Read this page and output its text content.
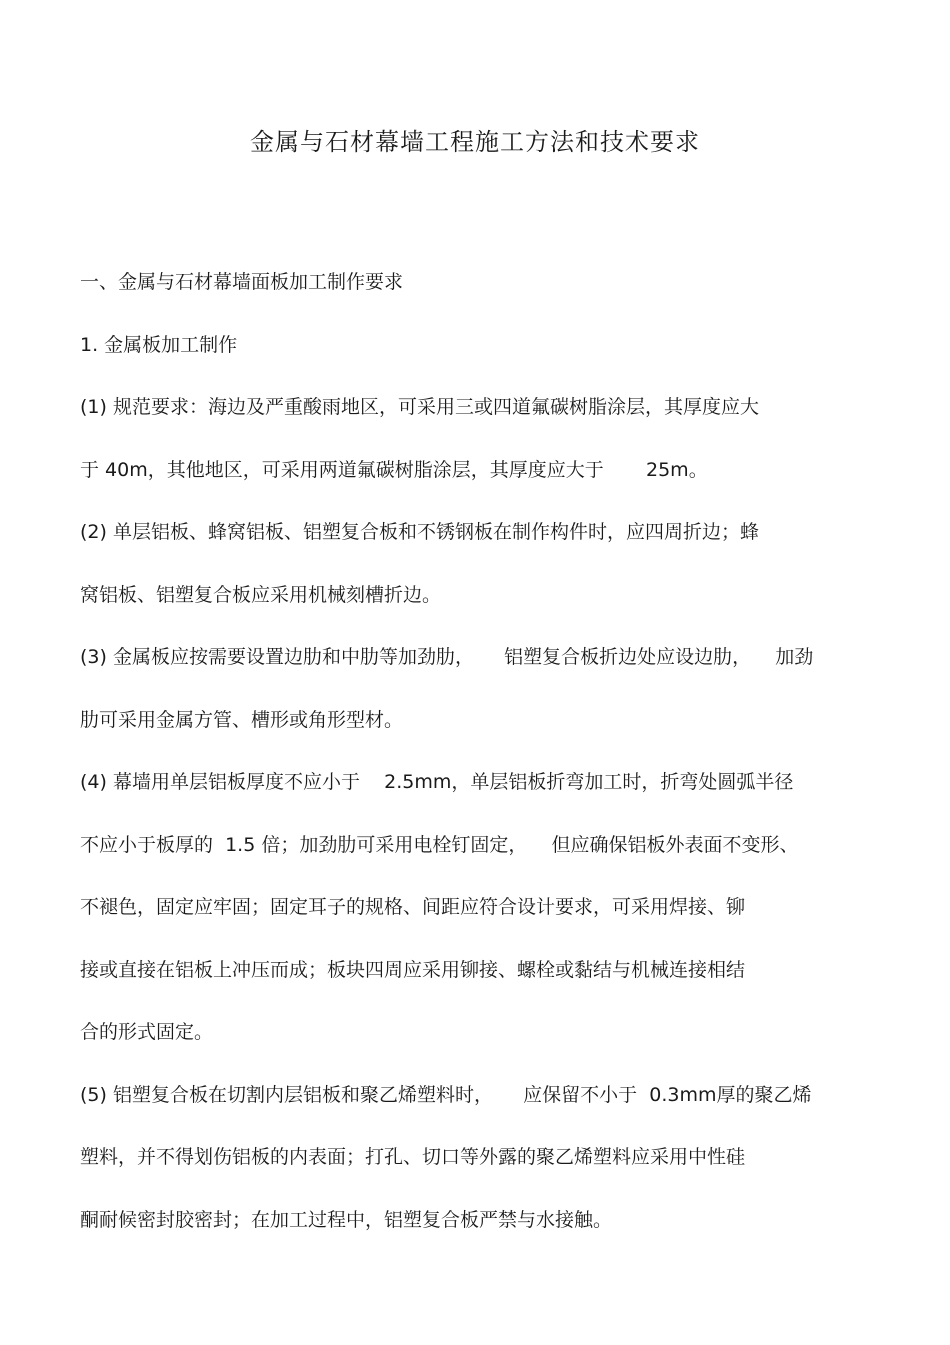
金属与石材幕墙工程施工方法和技术要求
一、金属与石材幕墙面板加工制作要求
1. 金属板加工制作
(1) 规范要求：海边及严重酸雨地区，可采用三或四道氟碳树脂涂层，其厚度应大
于 40m，其他地区，可采用两道氟碳树脂涂层，其厚度应大于       25m。
(2) 单层铝板、蜂窝铝板、铝塑复合板和不锈钢板在制作构件时，应四周折边；蜂
窝铝板、铝塑复合板应采用机械刻槽折边。
(3) 金属板应按需要设置边肋和中肋等加劲肋，     铝塑复合板折边处应设边肋，    加劲
肋可采用金属方管、槽形或角形型材。
(4) 幕墙用单层铝板厚度不应小于    2.5mm，单层铝板折弯加工时，折弯处圆弧半径
不应小于板厚的  1.5 倍；加劲肋可采用电栓钉固定，    但应确保铝板外表面不变形、
不褪色，固定应牢固；固定耳子的规格、间距应符合设计要求，可采用焊接、铆
接或直接在铝板上冲压而成；板块四周应采用铆接、螺栓或黏结与机械连接相结
合的形式固定。
(5) 铝塑复合板在切割内层铝板和聚乙烯塑料时，     应保留不小于  0.3mm厚的聚乙烯
塑料，并不得划伤铝板的内表面；打孔、切口等外露的聚乙烯塑料应采用中性硅
酮耐候密封胶密封；在加工过程中，铝塑复合板严禁与水接触。
